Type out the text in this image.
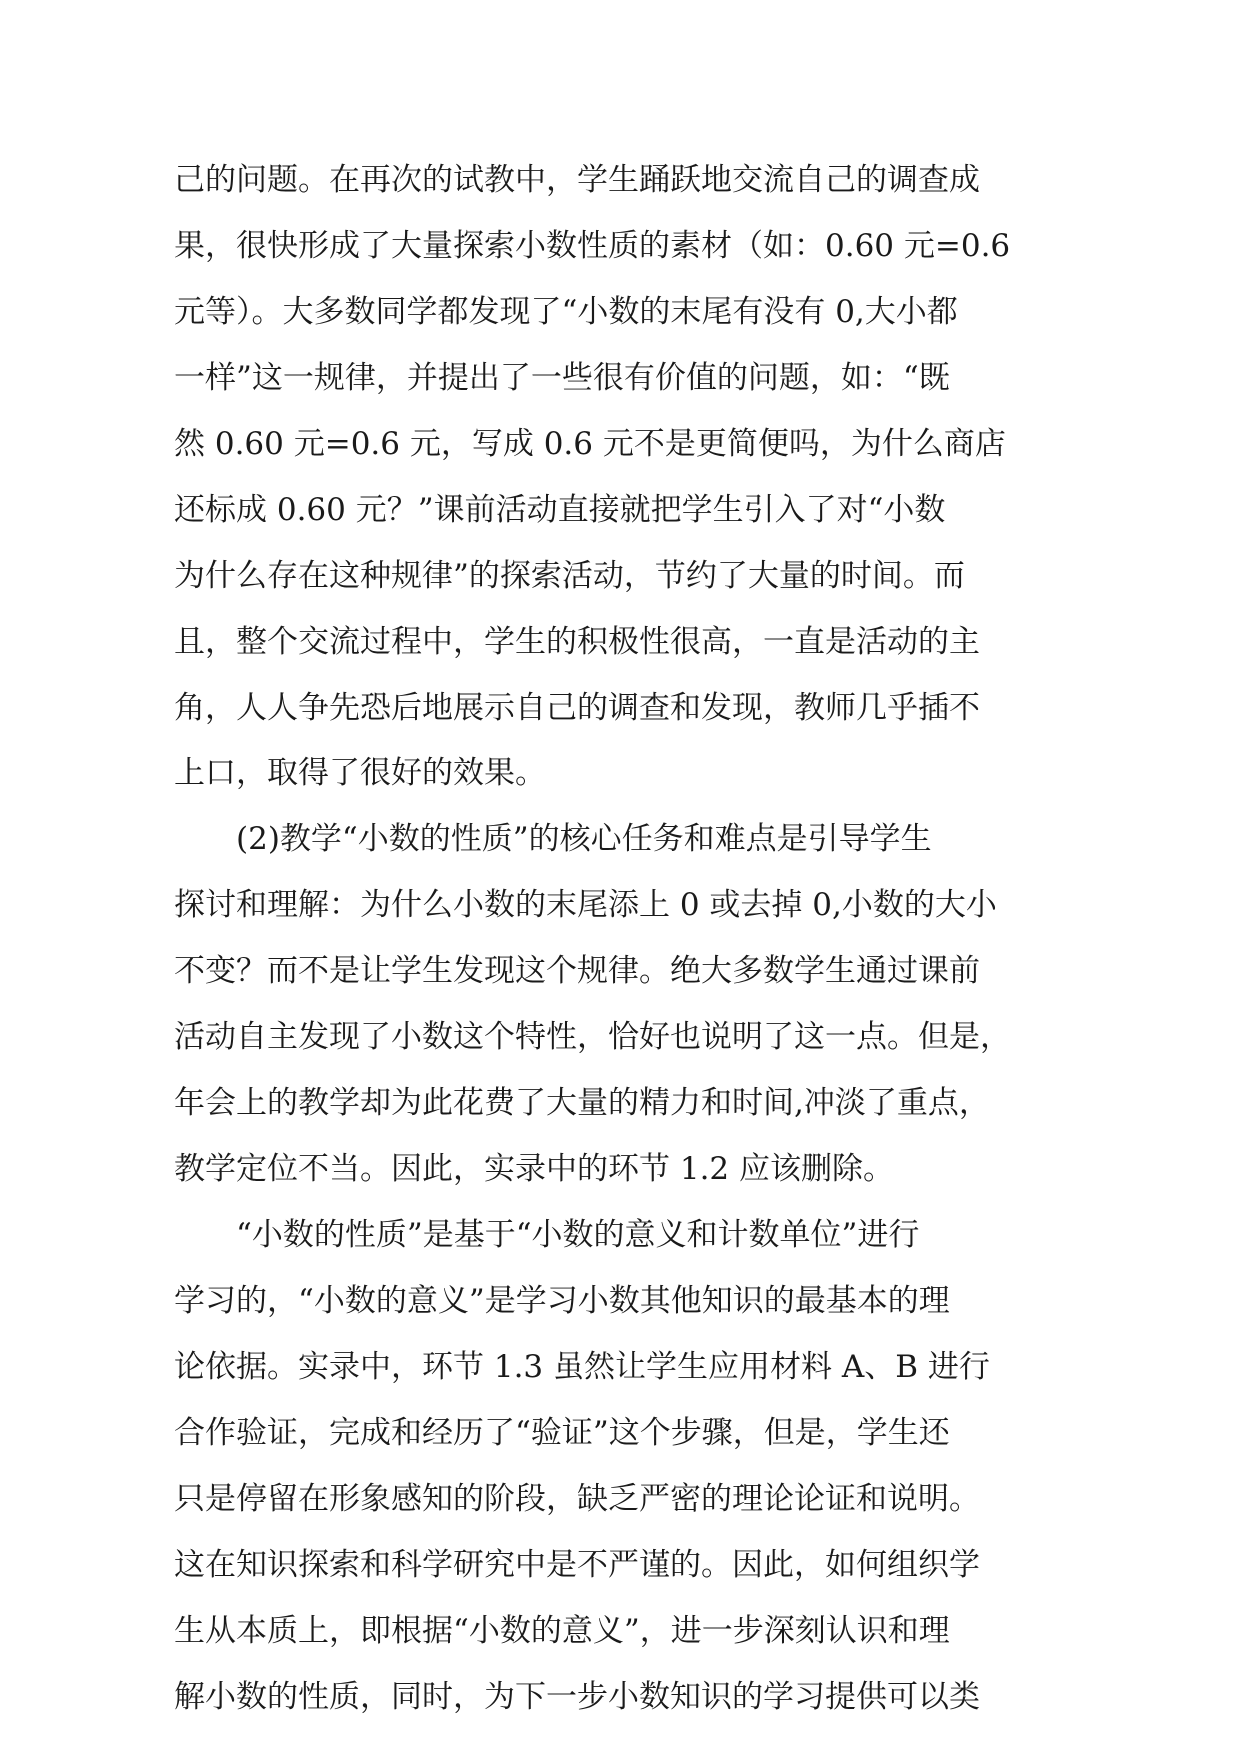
己的问题。在再次的试教中，学生踊跃地交流自己的调查成
果，很快形成了大量探索小数性质的素材（如：0.60 元=0.6
元等）。大多数同学都发现了“小数的末尾有没有 0,大小都
一样”这一规律，并提出了一些很有价值的问题，如：“既
然 0.60 元=0.6 元，写成 0.6 元不是更简便吗，为什么商店
还标成 0.60 元？”课前活动直接就把学生引入了对“小数
为什么存在这种规律”的探索活动，节约了大量的时间。而
且，整个交流过程中，学生的积极性很高，一直是活动的主
角，人人争先恐后地展示自己的调查和发现，教师几乎插不
上口，取得了很好的效果。
(2)教学“小数的性质”的核心任务和难点是引导学生
探讨和理解：为什么小数的末尾添上 0 或去掉 0,小数的大小
不变？而不是让学生发现这个规律。绝大多数学生通过课前
活动自主发现了小数这个特性，恰好也说明了这一点。但是，
年会上的教学却为此花费了大量的精力和时间,冲淡了重点，
教学定位不当。因此，实录中的环节 1.2 应该删除。
“小数的性质”是基于“小数的意义和计数单位”进行
学习的，“小数的意义”是学习小数其他知识的最基本的理
论依据。实录中，环节 1.3 虽然让学生应用材料 A、B 进行
合作验证，完成和经历了“验证”这个步骤，但是，学生还
只是停留在形象感知的阶段，缺乏严密的理论论证和说明。
这在知识探索和科学研究中是不严谨的。因此，如何组织学
生从本质上，即根据“小数的意义”，进一步深刻认识和理
解小数的性质，同时，为下一步小数知识的学习提供可以类
